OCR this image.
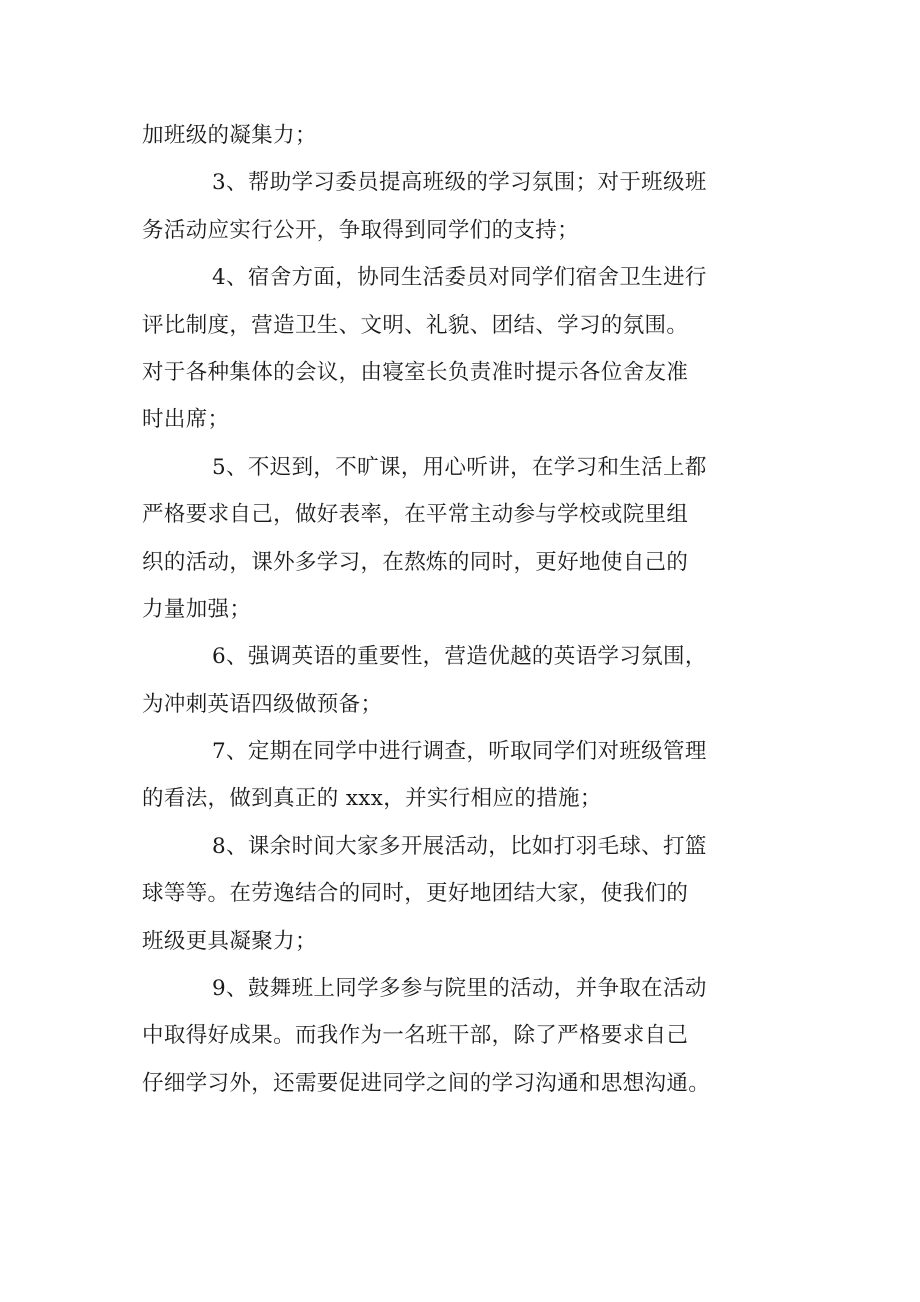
加班级的凝集力；
3、帮助学习委员提高班级的学习氛围；对于班级班
务活动应实行公开，争取得到同学们的支持；
4、宿舍方面，协同生活委员对同学们宿舍卫生进行
评比制度，营造卫生、文明、礼貌、团结、学习的氛围。
对于各种集体的会议，由寝室长负责准时提示各位舍友准
时出席；
5、不迟到，不旷课，用心听讲，在学习和生活上都
严格要求自己，做好表率，在平常主动参与学校或院里组
织的活动，课外多学习，在熬炼的同时，更好地使自己的
力量加强；
6、强调英语的重要性，营造优越的英语学习氛围，
为冲刺英语四级做预备；
7、定期在同学中进行调查，听取同学们对班级管理
的看法，做到真正的 xxx，并实行相应的措施；
8、课余时间大家多开展活动，比如打羽毛球、打篮
球等等。在劳逸结合的同时，更好地团结大家，使我们的
班级更具凝聚力；
9、鼓舞班上同学多参与院里的活动，并争取在活动
中取得好成果。而我作为一名班干部，除了严格要求自己
仔细学习外，还需要促进同学之间的学习沟通和思想沟通。
